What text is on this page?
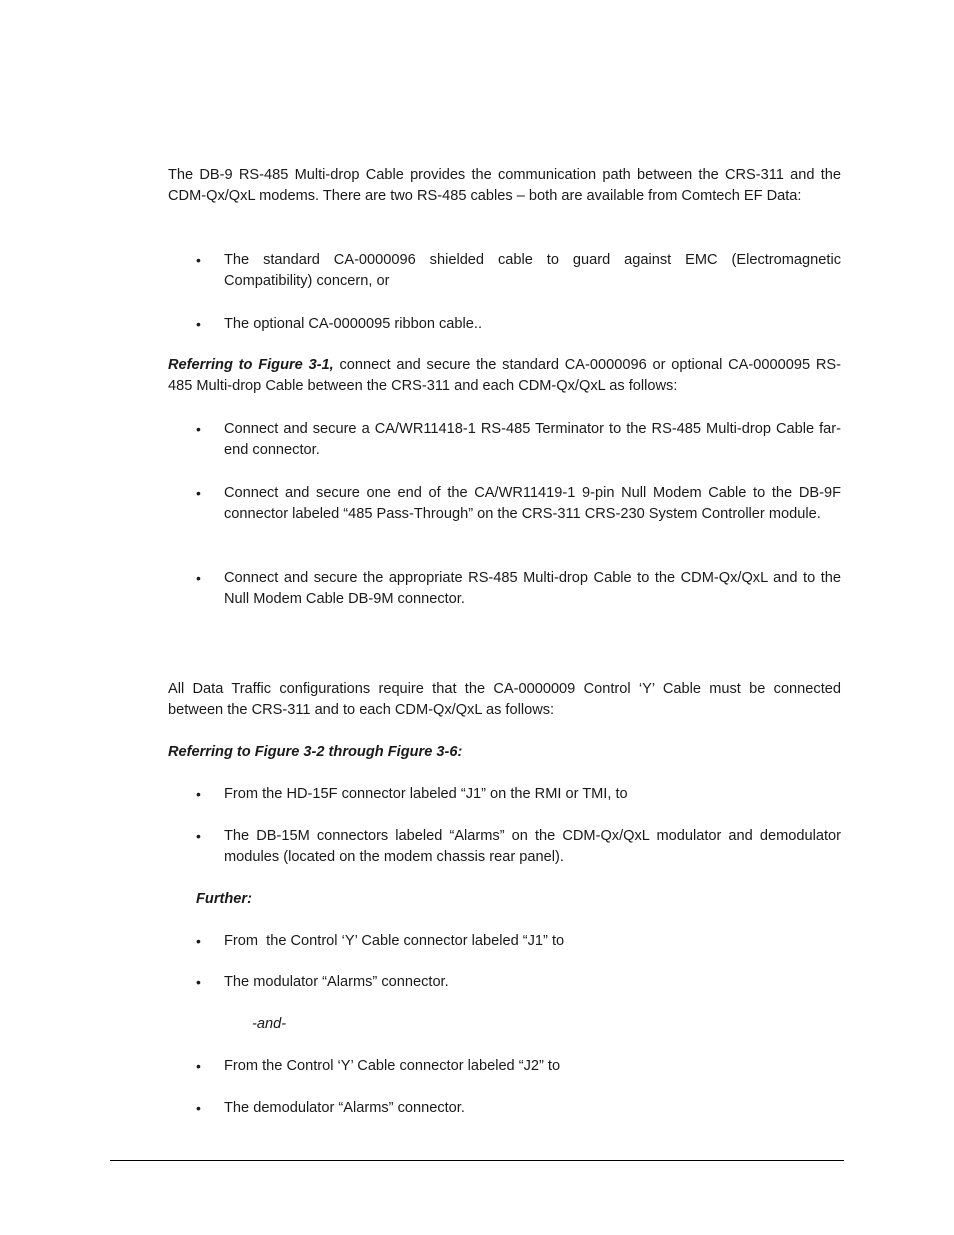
The DB-9 RS-485 Multi-drop Cable provides the communication path between the CRS-311 and the CDM-Qx/QxL modems. There are two RS-485 cables – both are available from Comtech EF Data:

•	The standard CA-0000096 shielded cable to guard against EMC (Electromagnetic Compatibility) concern, or

•	The optional CA-0000095 ribbon cable..

Referring to Figure 3-1, connect and secure the standard CA-0000096 or optional CA-0000095 RS-485 Multi-drop Cable between the CRS-311 and each CDM-Qx/QxL as follows:

•	Connect and secure a CA/WR11418-1 RS-485 Terminator to the RS-485 Multi-drop Cable far-end connector.

•	Connect and secure one end of the CA/WR11419-1 9-pin Null Modem Cable to the DB-9F connector labeled “485 Pass-Through” on the CRS-311 CRS-230 System Controller module.

•	Connect and secure the appropriate RS-485 Multi-drop Cable to the CDM-Qx/QxL and to the Null Modem Cable DB-9M connector.

All Data Traffic configurations require that the CA-0000009 Control ‘Y’ Cable must be connected between the CRS-311 and to each CDM-Qx/QxL as follows:

Referring to Figure 3-2 through Figure 3-6:

•	From the HD-15F connector labeled “J1” on the RMI or TMI, to

•	The DB-15M connectors labeled “Alarms” on the CDM-Qx/QxL modulator and demodulator modules (located on the modem chassis rear panel).

Further:

•	From  the Control ‘Y’ Cable connector labeled “J1” to

•	The modulator “Alarms” connector.

-and-

•	From the Control ‘Y’ Cable connector labeled “J2” to

•	The demodulator “Alarms” connector.
